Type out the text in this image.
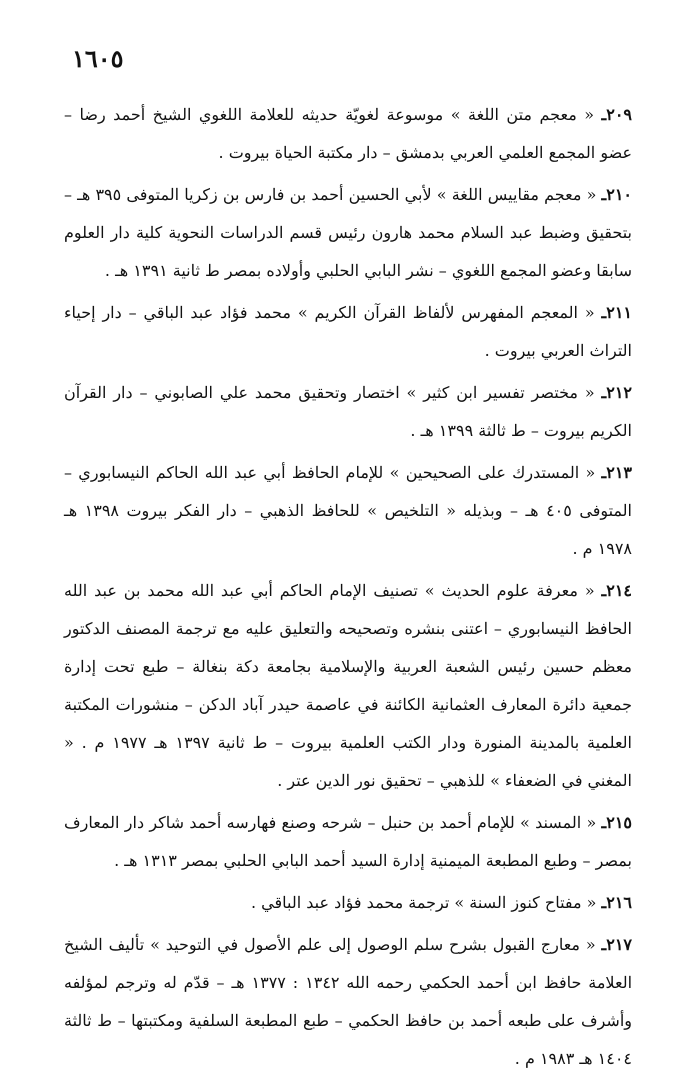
١٦٠٥

٢٠٩ـ « معجم متن اللغة » موسوعة لغويّة حديثه للعلامة اللغوي الشيخ أحمد رضا – عضو المجمع العلمي العربي بدمشق – دار مكتبة الحياة بيروت .

٢١٠ـ « معجم مقاييس اللغة » لأبي الحسين أحمد بن فارس بن زكريا المتوفى ٣٩٥ هـ – بتحقيق وضبط عبد السلام محمد هارون رئيس قسم الدراسات النحوية كلية دار العلوم سابقا وعضو المجمع اللغوي – نشر البابي الحلبي وأولاده بمصر ط ثانية ١٣٩١ هـ .

٢١١ـ « المعجم المفهرس لألفاظ القرآن الكريم » محمد فؤاد عبد الباقي – دار إحياء التراث العربي بيروت .

٢١٢ـ « مختصر تفسير ابن كثير » اختصار وتحقيق محمد علي الصابوني – دار القرآن الكريم بيروت – ط ثالثة ١٣٩٩ هـ .

٢١٣ـ « المستدرك على الصحيحين » للإمام الحافظ أبي عبد الله الحاكم النيسابوري – المتوفى ٤٠٥ هـ – وبذيله « التلخيص » للحافظ الذهبي – دار الفكر بيروت ١٣٩٨ هـ ١٩٧٨ م .

٢١٤ـ « معرفة علوم الحديث » تصنيف الإمام الحاكم أبي عبد الله محمد بن عبد الله الحافظ النيسابوري – اعتنى بنشره وتصحيحه والتعليق عليه مع ترجمة المصنف الدكتور معظم حسين رئيس الشعبة العربية والإسلامية بجامعة دكة بنغالة – طبع تحت إدارة جمعية دائرة المعارف العثمانية الكائنة في عاصمة حيدر آباد الدكن – منشورات المكتبة العلمية بالمدينة المنورة ودار الكتب العلمية بيروت – ط ثانية ١٣٩٧ هـ ١٩٧٧ م . « المغني في الضعفاء » للذهبي – تحقيق نور الدين عتر .

٢١٥ـ « المسند » للإمام أحمد بن حنبل – شرحه وصنع فهارسه أحمد شاكر دار المعارف بمصر – وطبع المطبعة الميمنية إدارة السيد أحمد البابي الحلبي بمصر ١٣١٣ هـ .

٢١٦ـ « مفتاح كنوز السنة » ترجمة محمد فؤاد عبد الباقي .

٢١٧ـ « معارج القبول بشرح سلم الوصول إلى علم الأصول في التوحيد » تأليف الشيخ العلامة حافظ ابن أحمد الحكمي رحمه الله ١٣٤٢ : ١٣٧٧ هـ – قدّم له وترجم لمؤلفه وأشرف على طبعه أحمد بن حافظ الحكمي – طبع المطبعة السلفية ومكتبتها – ط ثالثة ١٤٠٤ هـ ١٩٨٣ م .
